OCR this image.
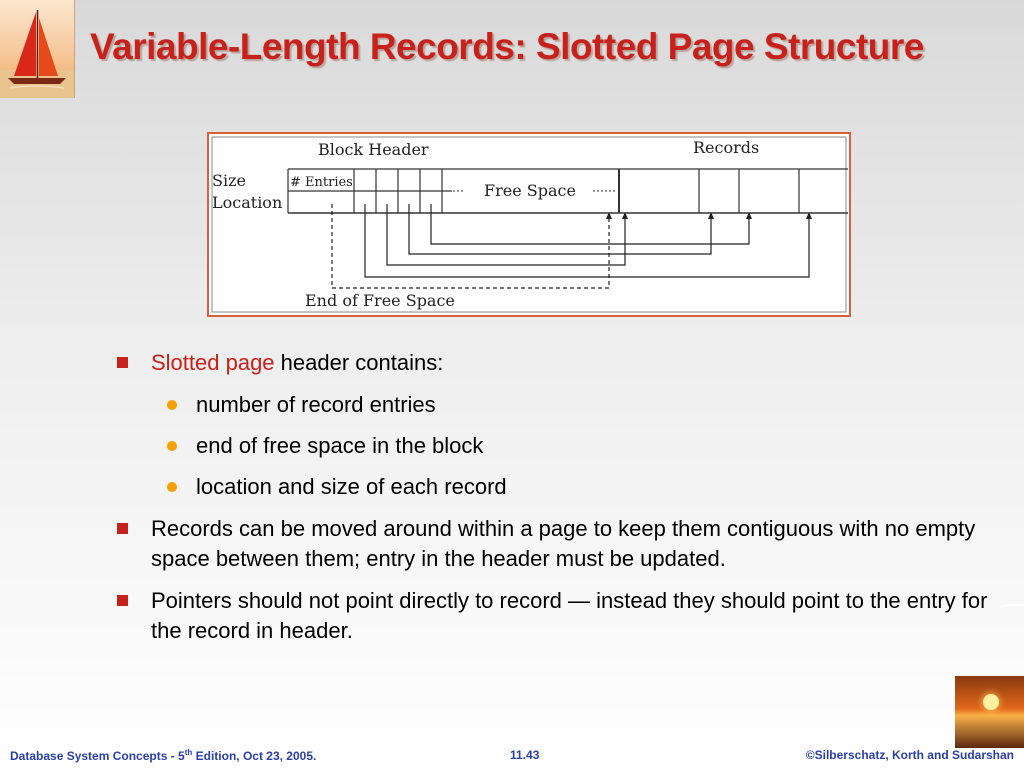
Variable-Length Records: Slotted Page Structure
Block Header	Records
Size
Location
# Entries	Free Space
End of Free Space
Slotted page header contains:
number of record entries
end of free space in the block
location and size of each record
Records can be moved around within a page to keep them contiguous with no empty space between them; entry in the header must be updated.
Pointers should not point directly to record — instead they should point to the entry for the record in header.
Database System Concepts - 5th Edition, Oct 23, 2005.	11.43	©Silberschatz, Korth and Sudarshan
